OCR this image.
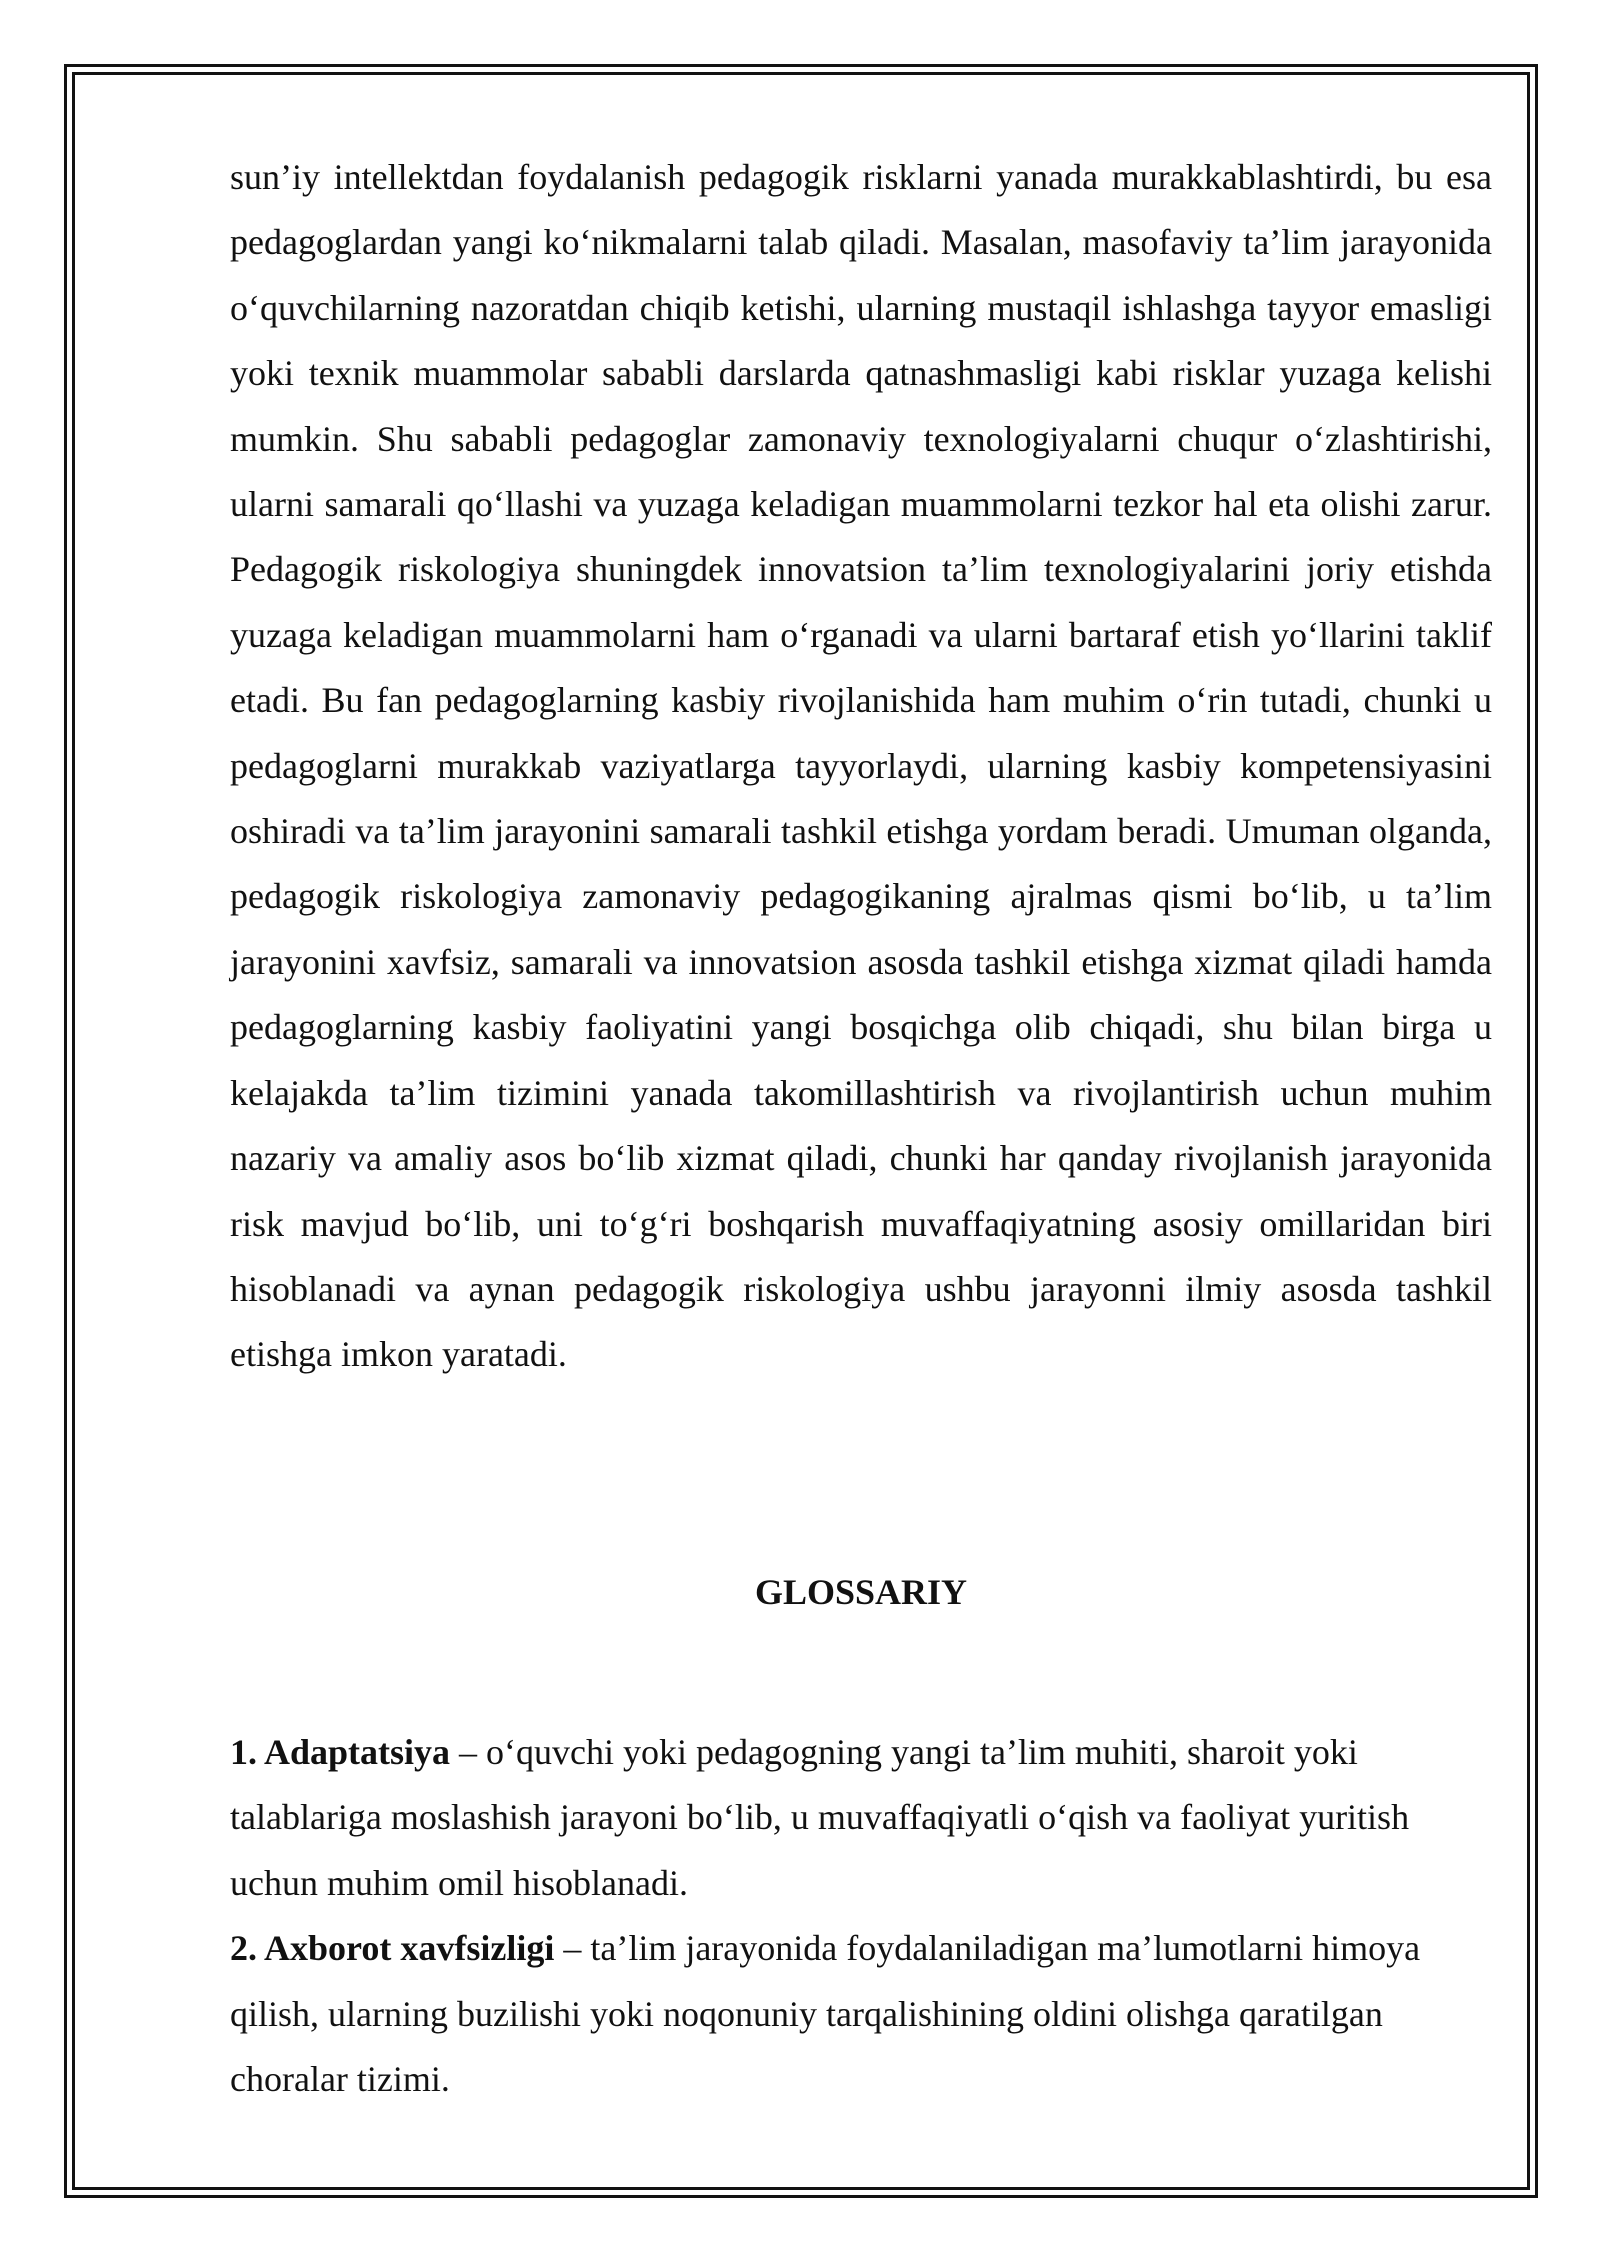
sun’iy intellektdan foydalanish pedagogik risklarni yanada murakkablashtirdi, bu esa pedagoglardan yangi ko‘nikmalarni talab qiladi. Masalan, masofaviy ta’lim jarayonida o‘quvchilarning nazoratdan chiqib ketishi, ularning mustaqil ishlashga tayyor emasligi yoki texnik muammolar sababli darslarda qatnashmasligi kabi risklar yuzaga kelishi mumkin. Shu sababli pedagoglar zamonaviy texnologiyalarni chuqur o‘zlashtirishi, ularni samarali qo‘llashi va yuzaga keladigan muammolarni tezkor hal eta olishi zarur. Pedagogik riskologiya shuningdek innovatsion ta’lim texnologiyalarini joriy etishda yuzaga keladigan muammolarni ham o‘rganadi va ularni bartaraf etish yo‘llarini taklif etadi. Bu fan pedagoglarning kasbiy rivojlanishida ham muhim o‘rin tutadi, chunki u pedagoglarni murakkab vaziyatlarga tayyorlaydi, ularning kasbiy kompetensiyasini oshiradi va ta’lim jarayonini samarali tashkil etishga yordam beradi. Umuman olganda, pedagogik riskologiya zamonaviy pedagogikaning ajralmas qismi bo‘lib, u ta’lim jarayonini xavfsiz, samarali va innovatsion asosda tashkil etishga xizmat qiladi hamda pedagoglarning kasbiy faoliyatini yangi bosqichga olib chiqadi, shu bilan birga u kelajakda ta’lim tizimini yanada takomillashtirish va rivojlantirish uchun muhim nazariy va amaliy asos bo‘lib xizmat qiladi, chunki har qanday rivojlanish jarayonida risk mavjud bo‘lib, uni to‘g‘ri boshqarish muvaffaqiyatning asosiy omillaridan biri hisoblanadi va aynan pedagogik riskologiya ushbu jarayonni ilmiy asosda tashkil etishga imkon yaratadi.

GLOSSARIY

1. Adaptatsiya – o‘quvchi yoki pedagogning yangi ta’lim muhiti, sharoit yoki talablariga moslashish jarayoni bo‘lib, u muvaffaqiyatli o‘qish va faoliyat yuritish uchun muhim omil hisoblanadi.

2. Axborot xavfsizligi – ta’lim jarayonida foydalaniladigan ma’lumotlarni himoya qilish, ularning buzilishi yoki noqonuniy tarqalishining oldini olishga qaratilgan choralar tizimi.
